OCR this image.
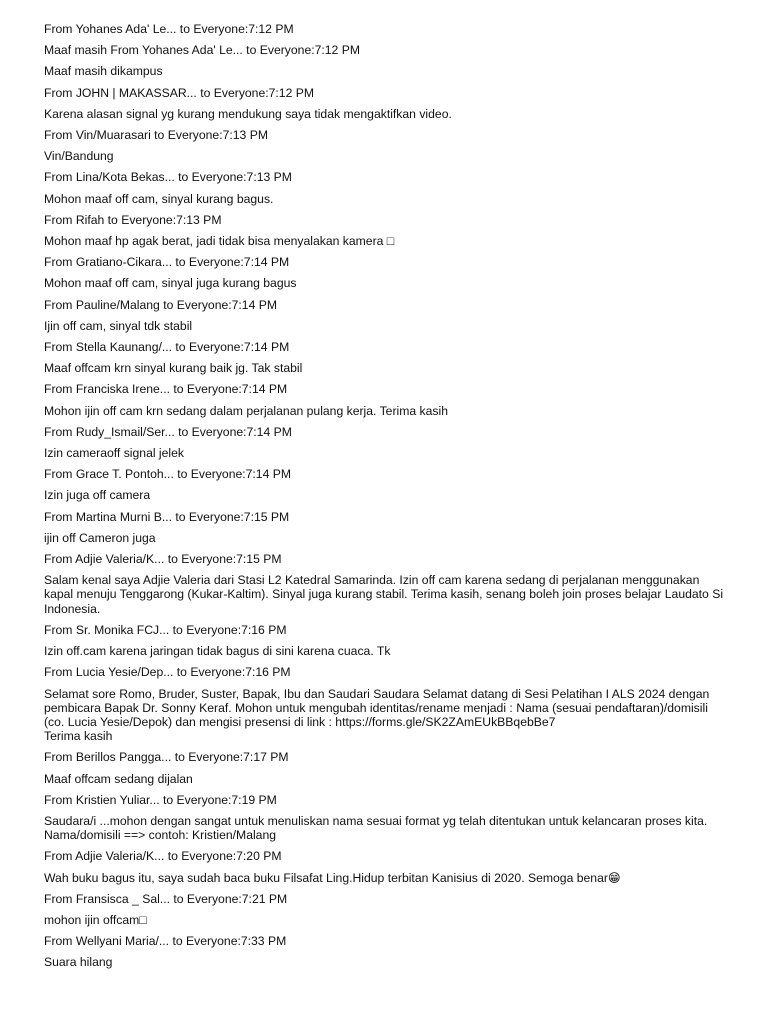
From Yohanes Ada' Le... to Everyone:7:12 PM
Maaf masih From Yohanes Ada' Le... to Everyone:7:12 PM
Maaf masih dikampus
From JOHN | MAKASSAR... to Everyone:7:12 PM
Karena alasan signal yg kurang mendukung saya tidak mengaktifkan video.
From Vin/Muarasari to Everyone:7:13 PM
Vin/Bandung
From Lina/Kota Bekas... to Everyone:7:13 PM
Mohon maaf off cam, sinyal kurang bagus.
From Rifah to Everyone:7:13 PM
Mohon maaf hp agak berat, jadi tidak bisa menyalakan kamera □
From Gratiano-Cikara... to Everyone:7:14 PM
Mohon maaf off cam, sinyal juga kurang bagus
From Pauline/Malang to Everyone:7:14 PM
Ijin off cam, sinyal tdk stabil
From Stella Kaunang/... to Everyone:7:14 PM
Maaf offcam krn sinyal kurang baik jg. Tak stabil
From Franciska Irene... to Everyone:7:14 PM
Mohon ijin off cam krn sedang dalam perjalanan pulang kerja. Terima kasih
From Rudy_Ismail/Ser... to Everyone:7:14 PM
Izin cameraoff signal jelek
From Grace T. Pontoh... to Everyone:7:14 PM
Izin juga off camera
From Martina Murni B... to Everyone:7:15 PM
ijin off Cameron juga
From Adjie Valeria/K... to Everyone:7:15 PM
Salam kenal saya Adjie Valeria dari Stasi L2 Katedral Samarinda. Izin off cam karena sedang di perjalanan menggunakan kapal menuju Tenggarong (Kukar-Kaltim). Sinyal juga kurang stabil. Terima kasih, senang boleh join proses belajar Laudato Si Indonesia.
From Sr. Monika FCJ... to Everyone:7:16 PM
Izin off.cam karena jaringan tidak bagus di sini karena cuaca. Tk
From Lucia Yesie/Dep... to Everyone:7:16 PM
Selamat sore Romo, Bruder, Suster, Bapak, Ibu dan Saudari Saudara Selamat datang di Sesi Pelatihan I ALS 2024 dengan pembicara Bapak Dr. Sonny Keraf. Mohon untuk mengubah identitas/rename menjadi : Nama (sesuai pendaftaran)/domisili (co. Lucia Yesie/Depok) dan mengisi presensi di link : https://forms.gle/SK2ZAmEUkBBqebBe7
Terima kasih
From Berillos Pangga... to Everyone:7:17 PM
Maaf offcam sedang dijalan
From Kristien Yuliar... to Everyone:7:19 PM
Saudara/i ...mohon dengan sangat untuk menuliskan nama sesuai format yg telah ditentukan untuk kelancaran proses kita. Nama/domisili ==> contoh: Kristien/Malang
From Adjie Valeria/K... to Everyone:7:20 PM
Wah buku bagus itu, saya sudah baca buku Filsafat Ling.Hidup terbitan Kanisius di 2020. Semoga benar😁
From Fransisca _ Sal... to Everyone:7:21 PM
mohon ijin offcam□
From Wellyani Maria/... to Everyone:7:33 PM
Suara hilang
